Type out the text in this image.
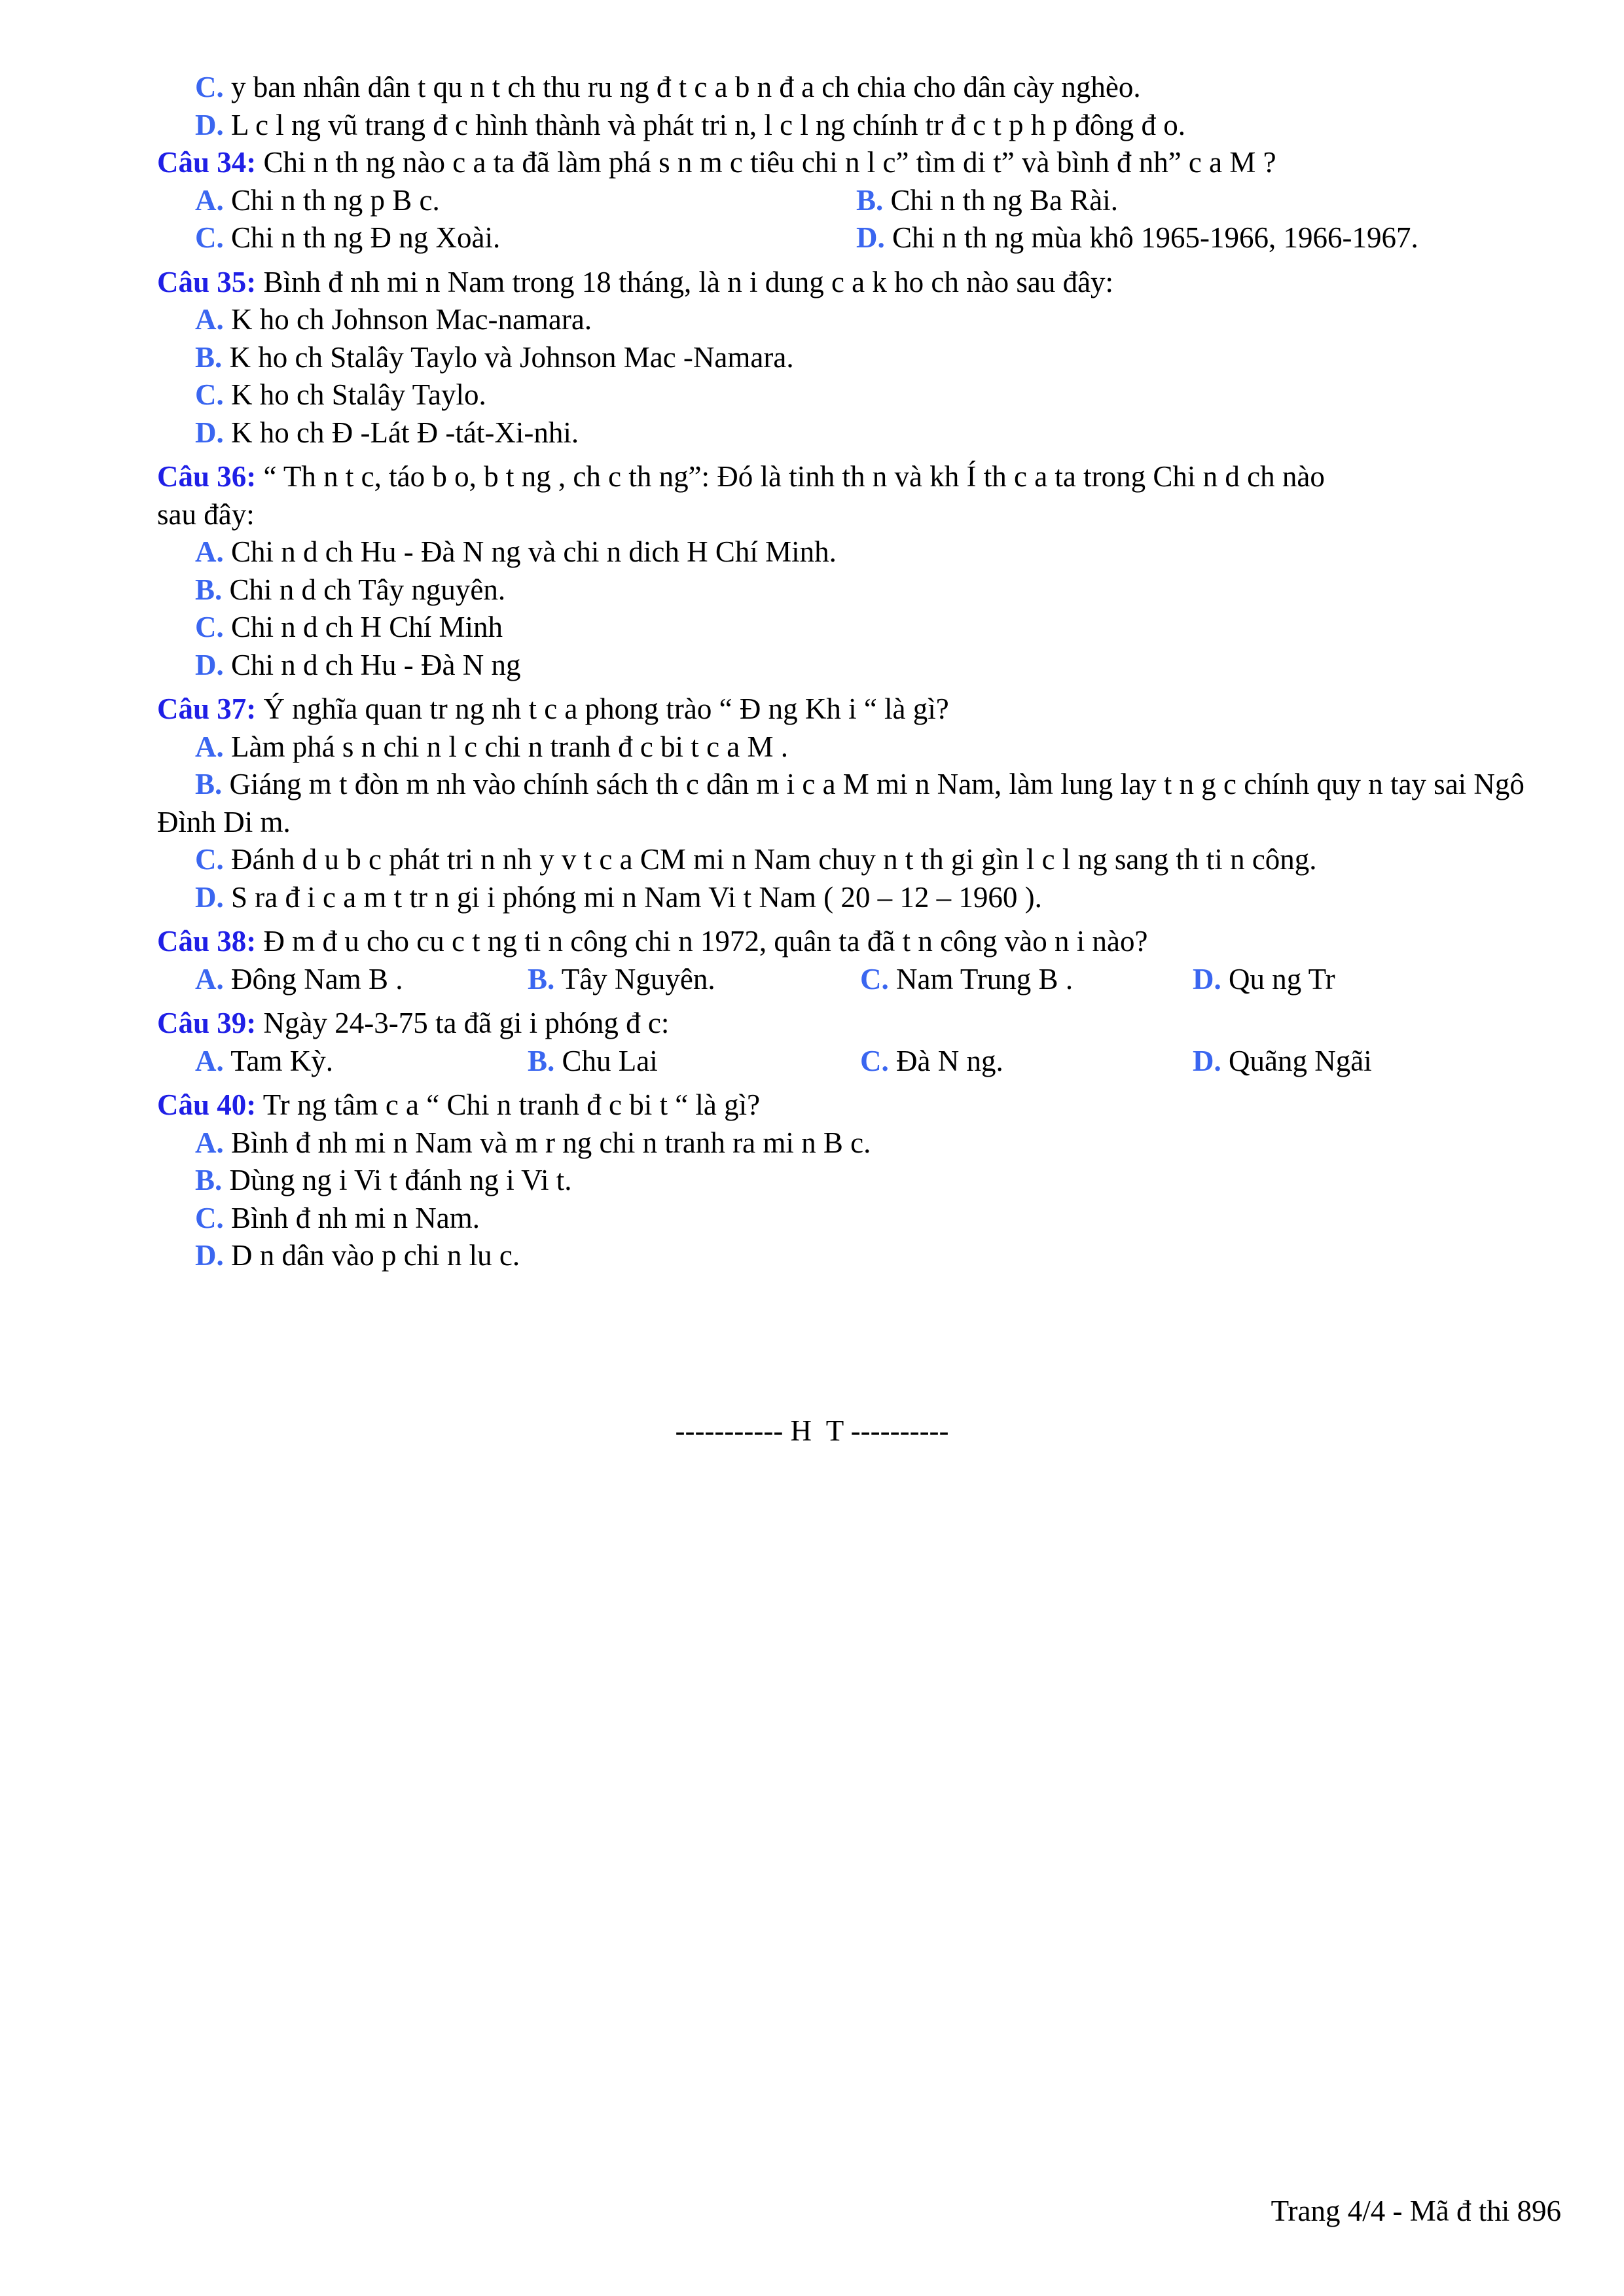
C. y ban nhân dân t qu n t ch thu ru ng đ t c a b n đ a ch chia cho dân cày nghèo.

D. L c l ng vũ trang đ c hình thành và phát tri n, l c l ng chính tr đ c t p h p đông đ o.

Câu 34: Chi n th ng nào c a ta đã làm phá s n m c tiêu chi n l c” tìm di t” và bình đ nh” c a M ?

A. Chi n th ng p B c.	B. Chi n th ng Ba Rài.
C. Chi n th ng Đ ng Xoài.	D. Chi n th ng mùa khô 1965-1966, 1966-1967.

Câu 35: Bình đ nh mi n Nam trong 18 tháng, là n i dung c a k ho ch nào sau đây:

A. K ho ch Johnson Mac-namara.

B. K ho ch Stalây Taylo và Johnson Mac -Namara.

C. K ho ch Stalây Taylo.

D. K ho ch Đ -Lát Đ -tát-Xi-nhi.

Câu 36: “ Th n t c, táo b o, b t ng , ch c th ng”: Đó là tinh th n và kh Í th c a ta trong Chi n d ch nào

sau đây:

A. Chi n d ch Hu - Đà N ng và chi n dich H Chí Minh.

B. Chi n d ch Tây nguyên.

C. Chi n d ch H Chí Minh

D. Chi n d ch Hu - Đà N ng

Câu 37: Ý nghĩa quan tr ng nh t c a phong trào “ Đ ng Kh i “ là gì?

A. Làm phá s n chi n l c chi n tranh đ c bi t c a M .

B. Giáng m t đòn m nh vào chính sách th c dân m i c a M mi n Nam, làm lung lay t n g c chính quy n tay sai Ngô Đình Di m.

C. Đánh d u b c phát tri n nh y v t c a CM mi n Nam chuy n t th gi gìn l c l ng sang th ti n công.

D. S ra đ i c a m t tr n gi i phóng mi n Nam Vi t Nam ( 20 – 12 – 1960 ).

Câu 38: Đ m đ u cho cu c t ng ti n công chi n 1972, quân ta đã t n công vào n i nào?

A. Đông Nam B .	B. Tây Nguyên.	C. Nam Trung B .	D. Qu ng Tr

Câu 39: Ngày 24-3-75 ta đã gi i phóng đ c:

A. Tam Kỳ.	B. Chu Lai	C. Đà N ng.	D. Quãng Ngãi

Câu 40: Tr ng tâm c a “ Chi n tranh đ c bi t “ là gì?

A. Bình đ nh mi n Nam và m r ng chi n tranh ra mi n B c.

B. Dùng ng i Vi t đánh ng i Vi t.

C. Bình đ nh mi n Nam.

D. D n dân vào p chi n lu c.

----------- H  T ----------
Trang 4/4 - Mã đ thi 896
